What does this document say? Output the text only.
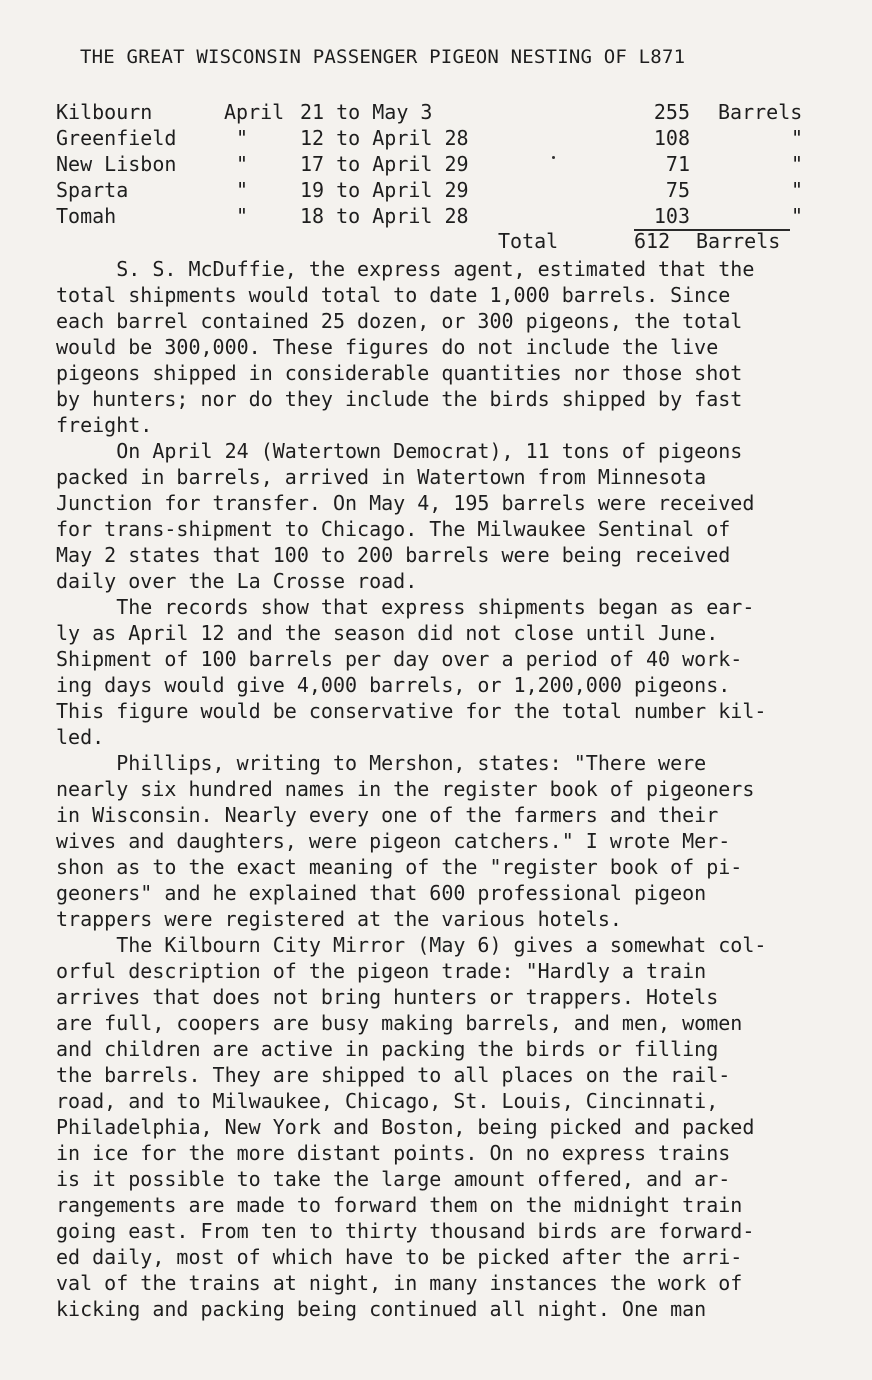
THE GREAT WISCONSIN PASSENGER PIGEON NESTING OF L871
Kilbourn	April 21 to May 3	255 Barrels
Greenfield	"	12 to April 28	108	"
New Lisbon	"	17 to April 29	71	"
Sparta	"	19 to April 29	75	"
Tomah	"	18 to April 28	103	"
Total	612 Barrels
S. S. McDuffie, the express agent, estimated that the
total shipments would total to date 1,000 barrels. Since
each barrel contained 25 dozen, or 300 pigeons, the total
would be 300,000. These figures do not include the live
pigeons shipped in considerable quantities nor those shot
by hunters; nor do they include the birds shipped by fast
freight.
On April 24 (Watertown Democrat), 11 tons of pigeons
packed in barrels, arrived in Watertown from Minnesota
Junction for transfer. On May 4, 195 barrels were received
for trans-shipment to Chicago. The Milwaukee Sentinal of
May 2 states that 100 to 200 barrels were being received
daily over the La Crosse road.
The records show that express shipments began as ear-
ly as April 12 and the season did not close until June.
Shipment of 100 barrels per day over a period of 40 work-
ing days would give 4,000 barrels, or 1,200,000 pigeons.
This figure would be conservative for the total number kil-
led.
Phillips, writing to Mershon, states: "There were
nearly six hundred names in the register book of pigeoners
in Wisconsin. Nearly every one of the farmers and their
wives and daughters, were pigeon catchers." I wrote Mer-
shon as to the exact meaning of the "register book of pi-
geoners" and he explained that 600 professional pigeon
trappers were registered at the various hotels.
The Kilbourn City Mirror (May 6) gives a somewhat col-
orful description of the pigeon trade: "Hardly a train
arrives that does not bring hunters or trappers. Hotels
are full, coopers are busy making barrels, and men, women
and children are active in packing the birds or filling
the barrels. They are shipped to all places on the rail-
road, and to Milwaukee, Chicago, St. Louis, Cincinnati,
Philadelphia, New York and Boston, being picked and packed
in ice for the more distant points. On no express trains
is it possible to take the large amount offered, and ar-
rangements are made to forward them on the midnight train
going east. From ten to thirty thousand birds are forward-
ed daily, most of which have to be picked after the arri-
val of the trains at night, in many instances the work of
kicking and packing being continued all night. One man
